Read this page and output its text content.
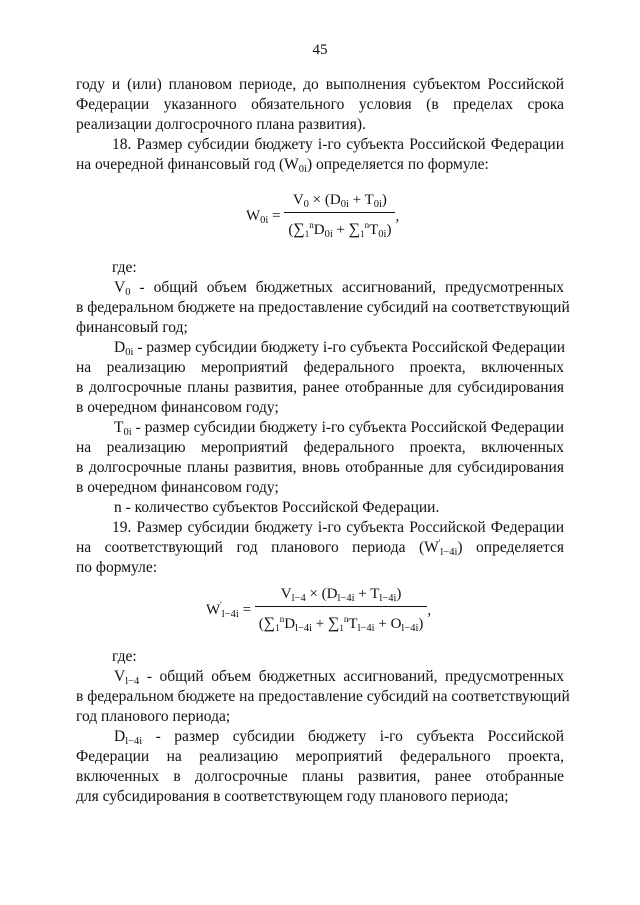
45
году и (или) плановом периоде, до выполнения субъектом Российской
Федерации указанного обязательного условия (в пределах срока
реализации долгосрочного плана развития).
18. Размер субсидии бюджету i-го субъекта Российской Федерации
на очередной финансовый год $(W_{0i})$ определяется по формуле:
$W_{0i} = \frac{V_0 \times (D_{0i} + T_{0i})}{(\sum_1^nD_{0i} + \sum_1^nT_{0i})}$ ,
где:
$V_0$ - общий объем бюджетных ассигнований, предусмотренных
в федеральном бюджете на предоставление субсидий на соответствующий
финансовый год;
$D_{0i}$ - размер субсидии бюджету i-го субъекта Российской Федерации
на реализацию мероприятий федерального проекта, включенных
в долгосрочные планы развития, ранее отобранные для субсидирования
в очередном финансовом году;
$T_{0i}$ - размер субсидии бюджету i-го субъекта Российской Федерации
на реализацию мероприятий федерального проекта, включенных
в долгосрочные планы развития, вновь отобранные для субсидирования
в очередном финансовом году;
n - количество субъектов Российской Федерации.
19. Размер субсидии бюджету i-го субъекта Российской Федерации
на соответствующий год планового периода $(W'_{l-4i})$ определяется
по формуле:
$W'_{l-4i} = \frac{V_{l-4} \times (D_{l-4i} + T_{l-4i})}{(\sum_1^nD_{l-4i} + \sum_1^nT_{l-4i} + O_{l-4i})}$ ,
где:
$V_{l-4}$ - общий объем бюджетных ассигнований, предусмотренных
в федеральном бюджете на предоставление субсидий на соответствующий
год планового периода;
$D_{l-4i}$ - размер субсидии бюджету i-го субъекта Российской
Федерации на реализацию мероприятий федерального проекта,
включенных в долгосрочные планы развития, ранее отобранные
для субсидирования в соответствующем году планового периода;
